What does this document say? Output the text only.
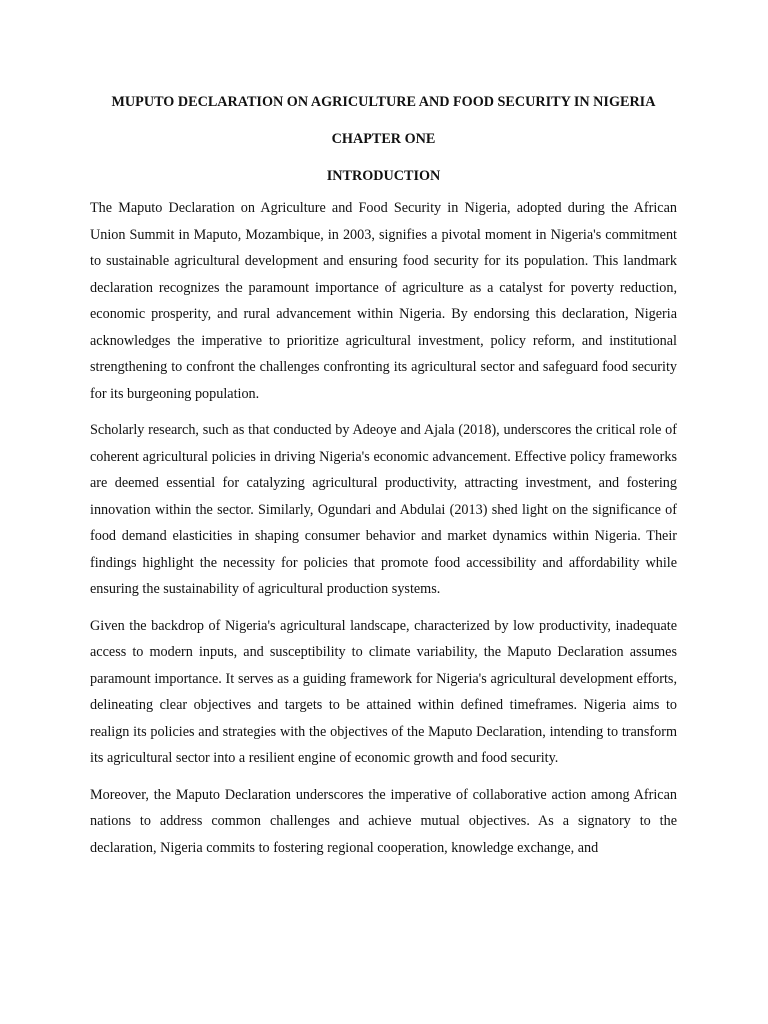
MUPUTO DECLARATION ON AGRICULTURE AND FOOD SECURITY IN NIGERIA
CHAPTER ONE
INTRODUCTION

The Maputo Declaration on Agriculture and Food Security in Nigeria, adopted during the African Union Summit in Maputo, Mozambique, in 2003, signifies a pivotal moment in Nigeria's commitment to sustainable agricultural development and ensuring food security for its population. This landmark declaration recognizes the paramount importance of agriculture as a catalyst for poverty reduction, economic prosperity, and rural advancement within Nigeria. By endorsing this declaration, Nigeria acknowledges the imperative to prioritize agricultural investment, policy reform, and institutional strengthening to confront the challenges confronting its agricultural sector and safeguard food security for its burgeoning population.

Scholarly research, such as that conducted by Adeoye and Ajala (2018), underscores the critical role of coherent agricultural policies in driving Nigeria's economic advancement. Effective policy frameworks are deemed essential for catalyzing agricultural productivity, attracting investment, and fostering innovation within the sector. Similarly, Ogundari and Abdulai (2013) shed light on the significance of food demand elasticities in shaping consumer behavior and market dynamics within Nigeria. Their findings highlight the necessity for policies that promote food accessibility and affordability while ensuring the sustainability of agricultural production systems.

Given the backdrop of Nigeria's agricultural landscape, characterized by low productivity, inadequate access to modern inputs, and susceptibility to climate variability, the Maputo Declaration assumes paramount importance. It serves as a guiding framework for Nigeria's agricultural development efforts, delineating clear objectives and targets to be attained within defined timeframes. Nigeria aims to realign its policies and strategies with the objectives of the Maputo Declaration, intending to transform its agricultural sector into a resilient engine of economic growth and food security.

Moreover, the Maputo Declaration underscores the imperative of collaborative action among African nations to address common challenges and achieve mutual objectives. As a signatory to the declaration, Nigeria commits to fostering regional cooperation, knowledge exchange, and
